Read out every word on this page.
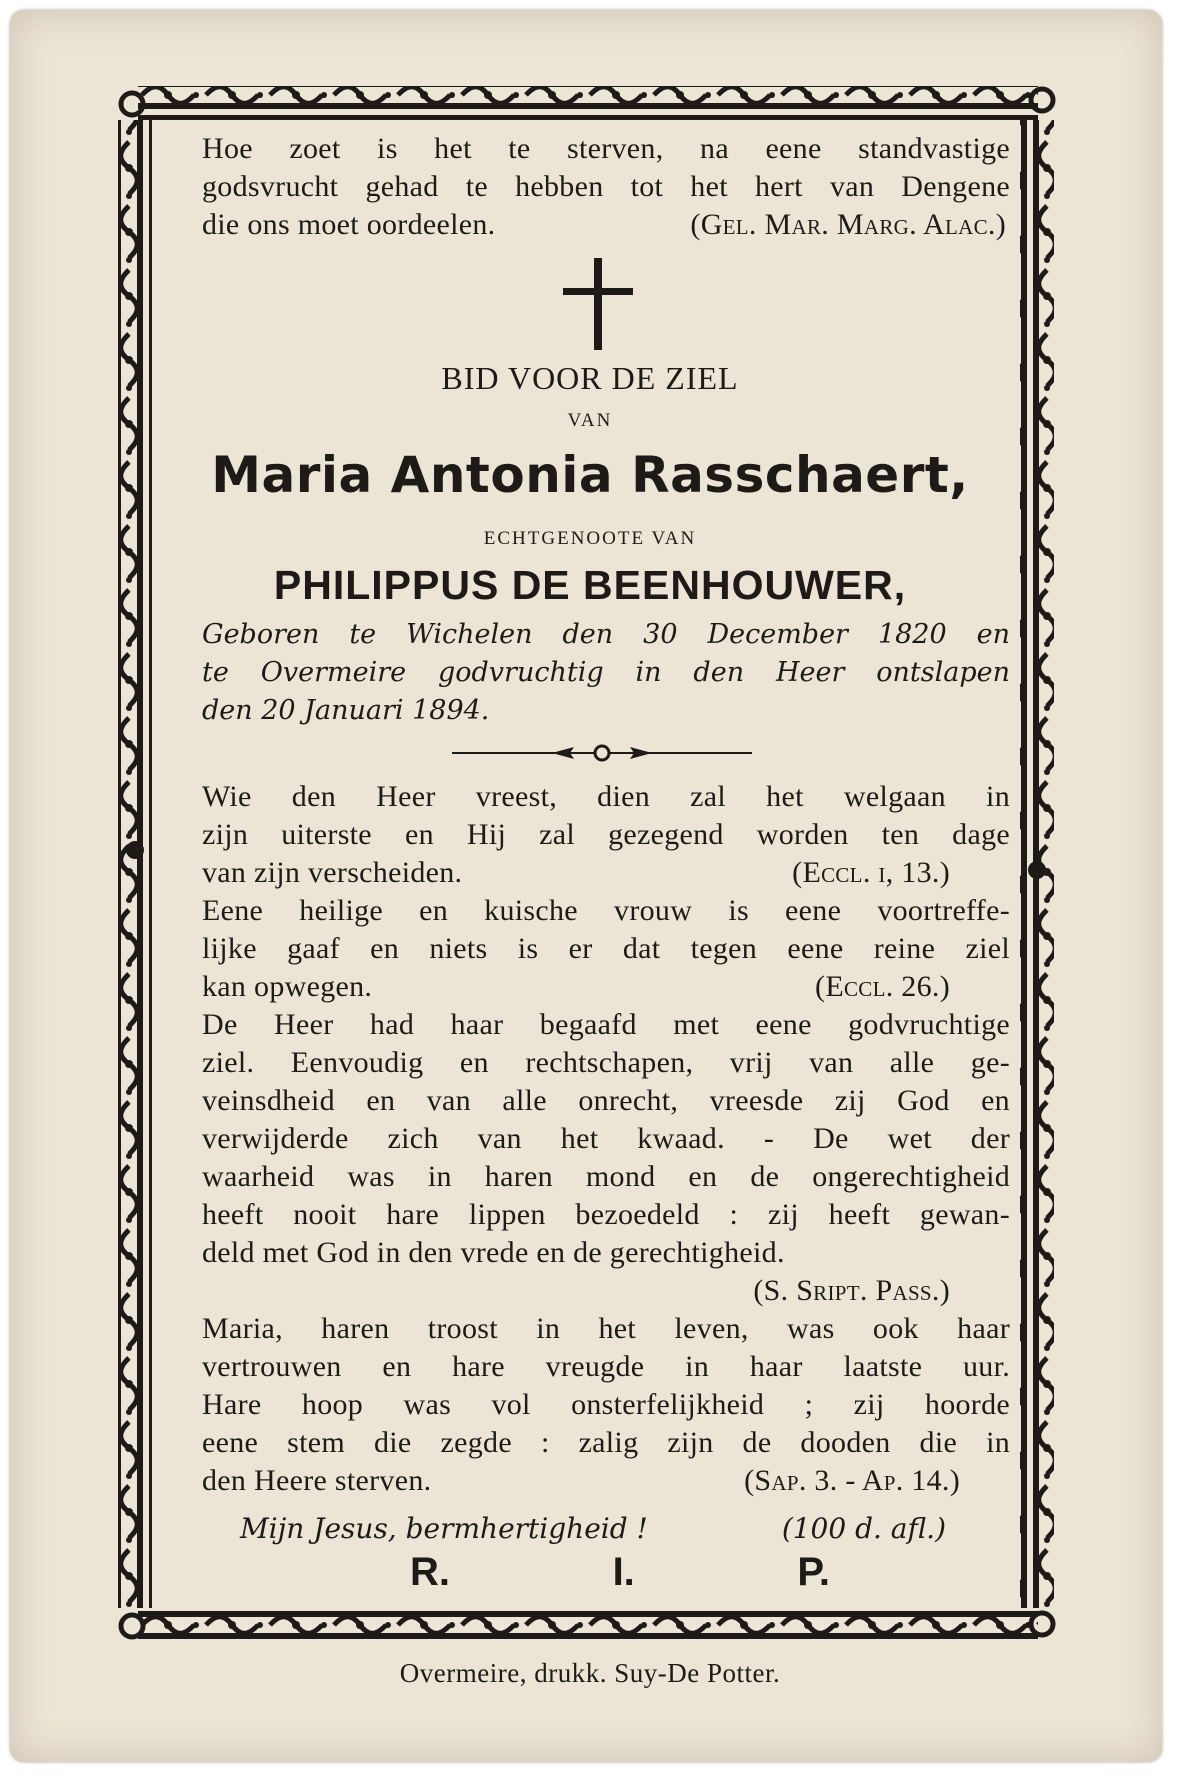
Hoe zoet is het te sterven, na eene standvastige
godsvrucht gehad te hebben tot het hert van Dengene
die ons moet oordeelen.	(Gel. Mar. Marg. Alac.)
BID VOOR DE ZIEL
VAN
Maria Antonia Rasschaert,
ECHTGENOOTE VAN
PHILIPPUS DE BEENHOUWER,
Geboren te Wichelen den 30 December 1820 en
te Overmeire godvruchtig in den Heer ontslapen
den 20 Januari 1894.
Wie den Heer vreest, dien zal het welgaan in
zijn uiterste en Hij zal gezegend worden ten dage
van zijn verscheiden.	(Eccl. i, 13.)
Eene heilige en kuische vrouw is eene voortreffe-
lijke gaaf en niets is er dat tegen eene reine ziel
kan opwegen.	(Eccl. 26.)
De Heer had haar begaafd met eene godvruchtige
ziel. Eenvoudig en rechtschapen, vrij van alle ge-
veinsdheid en van alle onrecht, vreesde zij God en
verwijderde zich van het kwaad. - De wet der
waarheid was in haren mond en de ongerechtigheid
heeft nooit hare lippen bezoedeld : zij heeft gewan-
deld met God in den vrede en de gerechtigheid.
(S. Sript. Pass.)
Maria, haren troost in het leven, was ook haar
vertrouwen en hare vreugde in haar laatste uur.
Hare hoop was vol onsterfelijkheid ; zij hoorde
eene stem die zegde : zalig zijn de dooden die in
den Heere sterven.	(Sap. 3. - Ap. 14.)
Mijn Jesus, bermhertigheid !	(100 d. afl.)
R.	I.	P.
Overmeire, drukk. Suy-De Potter.
